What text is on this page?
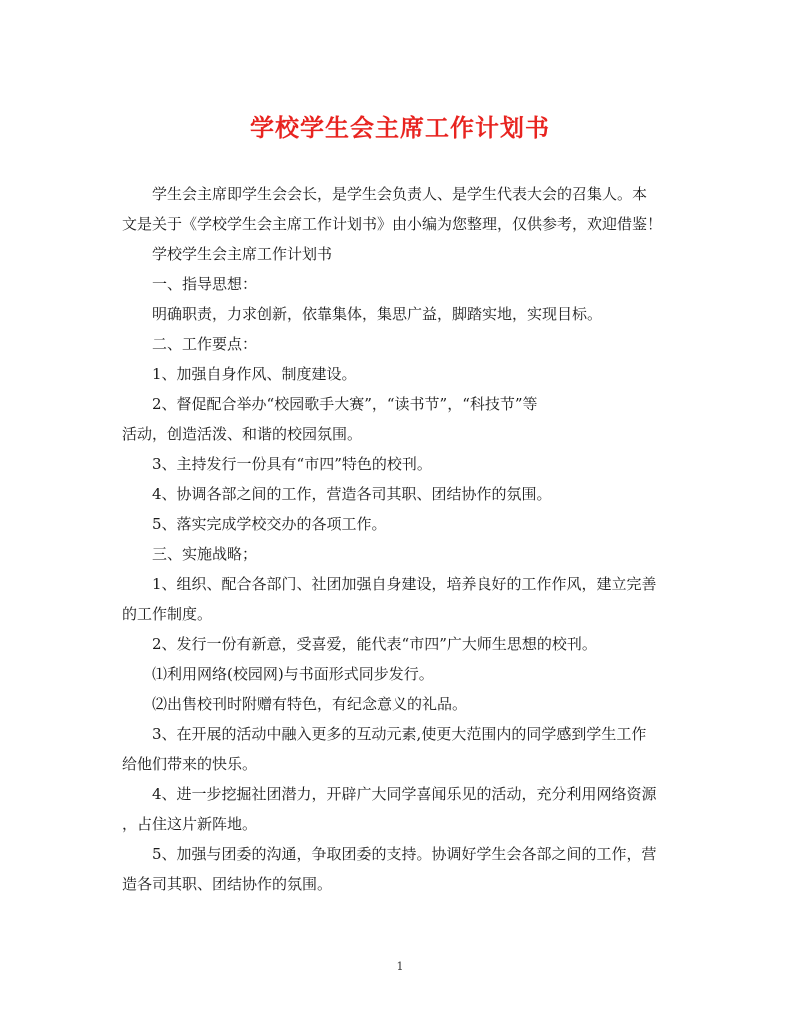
学校学生会主席工作计划书
学生会主席即学生会会长，是学生会负责人、是学生代表大会的召集人。本
文是关于《学校学生会主席工作计划书》由小编为您整理，仅供参考，欢迎借鉴！
学校学生会主席工作计划书
一、指导思想：
明确职责，力求创新，依靠集体，集思广益，脚踏实地，实现目标。
二、工作要点：
1、加强自身作风、制度建设。
2、督促配合举办“校园歌手大赛”，“读书节”，“科技节”等
活动，创造活泼、和谐的校园氛围。
3、主持发行一份具有“市四”特色的校刊。
4、协调各部之间的工作，营造各司其职、团结协作的氛围。
5、落实完成学校交办的各项工作。
三、实施战略；
1、组织、配合各部门、社团加强自身建设，培养良好的工作作风，建立完善
的工作制度。
2、发行一份有新意，受喜爱，能代表“市四”广大师生思想的校刊。
⑴利用网络(校园网)与书面形式同步发行。
⑵出售校刊时附赠有特色，有纪念意义的礼品。
3、在开展的活动中融入更多的互动元素,使更大范围内的同学感到学生工作
给他们带来的快乐。
4、进一步挖掘社团潜力，开辟广大同学喜闻乐见的活动，充分利用网络资源
，占住这片新阵地。
5、加强与团委的沟通，争取团委的支持。协调好学生会各部之间的工作，营
造各司其职、团结协作的氛围。
1
